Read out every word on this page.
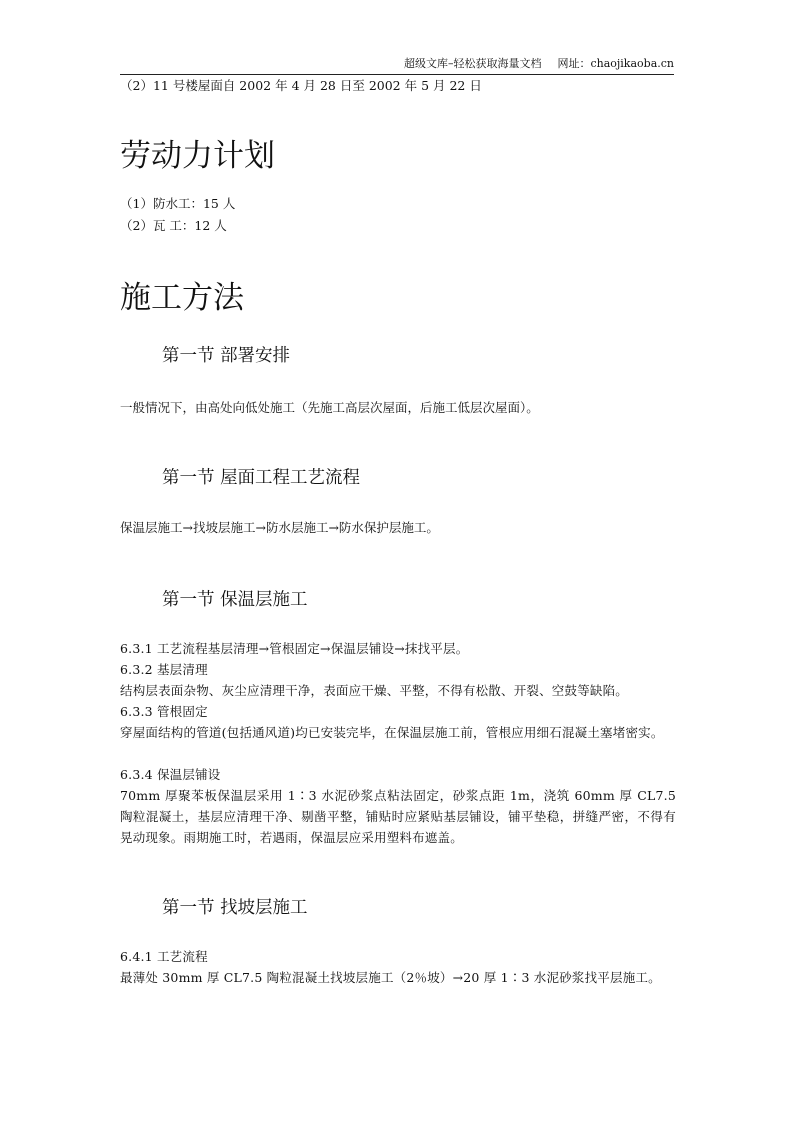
超级文库–轻松获取海量文档 网址：chaojikaoba.cn
（2）11 号楼屋面自 2002 年 4 月 28 日至 2002 年 5 月 22 日
劳动力计划
（1）防水工：15 人
（2）瓦 工：12 人
施工方法
第一节 部署安排
一般情况下，由高处向低处施工（先施工高层次屋面，后施工低层次屋面）。
第一节 屋面工程工艺流程
保温层施工→找坡层施工→防水层施工→防水保护层施工。
第一节 保温层施工
6.3.1 工艺流程基层清理→管根固定→保温层铺设→抹找平层。
6.3.2 基层清理
结构层表面杂物、灰尘应清理干净，表面应干燥、平整，不得有松散、开裂、空鼓等缺陷。
6.3.3 管根固定
穿屋面结构的管道(包括通风道)均已安装完毕，在保温层施工前，管根应用细石混凝土塞堵密实。
6.3.4 保温层铺设
70mm 厚聚苯板保温层采用 1∶3 水泥砂浆点粘法固定，砂浆点距 1m，浇筑 60mm 厚 CL7.5 陶粒混凝土，基层应清理干净、剔凿平整，铺贴时应紧贴基层铺设，铺平垫稳，拼缝严密，不得有晃动现象。雨期施工时，若遇雨，保温层应采用塑料布遮盖。
第一节 找坡层施工
6.4.1 工艺流程
最薄处 30mm 厚 CL7.5 陶粒混凝土找坡层施工（2％坡）→20 厚 1∶3 水泥砂浆找平层施工。
